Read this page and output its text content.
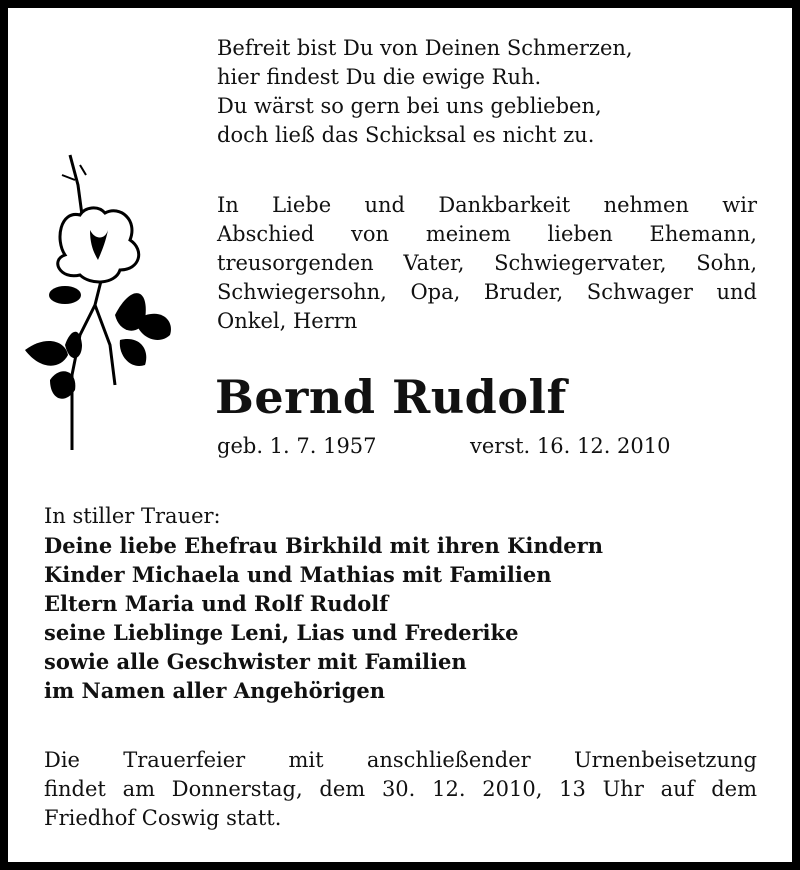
Befreit bist Du von Deinen Schmerzen,
hier findest Du die ewige Ruh.
Du wärst so gern bei uns geblieben,
doch ließ das Schicksal es nicht zu.
In Liebe und Dankbarkeit nehmen wir
Abschied von meinem lieben Ehemann,
treusorgenden Vater, Schwiegervater, Sohn,
Schwiegersohn, Opa, Bruder, Schwager und
Onkel, Herrn
Bernd Rudolf
geb. 1. 7. 1957	verst. 16. 12. 2010
In stiller Trauer:
Deine liebe Ehefrau Birkhild mit ihren Kindern
Kinder Michaela und Mathias mit Familien
Eltern Maria und Rolf Rudolf
seine Lieblinge Leni, Lias und Frederike
sowie alle Geschwister mit Familien
im Namen aller Angehörigen
Die Trauerfeier mit anschließender Urnenbeisetzung
findet am Donnerstag, dem 30. 12. 2010, 13 Uhr auf dem
Friedhof Coswig statt.
